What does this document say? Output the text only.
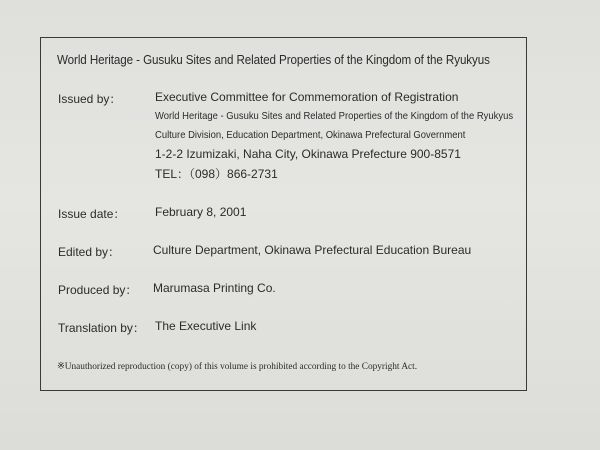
World Heritage - Gusuku Sites and Related Properties of the Kingdom of the Ryukyus
Issued by：	Executive Committee for Commemoration of Registration
World Heritage - Gusuku Sites and Related Properties of the Kingdom of the Ryukyus
Culture Division, Education Department, Okinawa Prefectural Government
1-2-2 Izumizaki, Naha City, Okinawa Prefecture 900-8571
TEL：（098）866-2731
Issue date： February 8, 2001
Edited by：	Culture Department, Okinawa Prefectural Education Bureau
Produced by： Marumasa Printing Co.
Translation by： The Executive Link
※Unauthorized reproduction (copy) of this volume is prohibited according to the Copyright Act.
